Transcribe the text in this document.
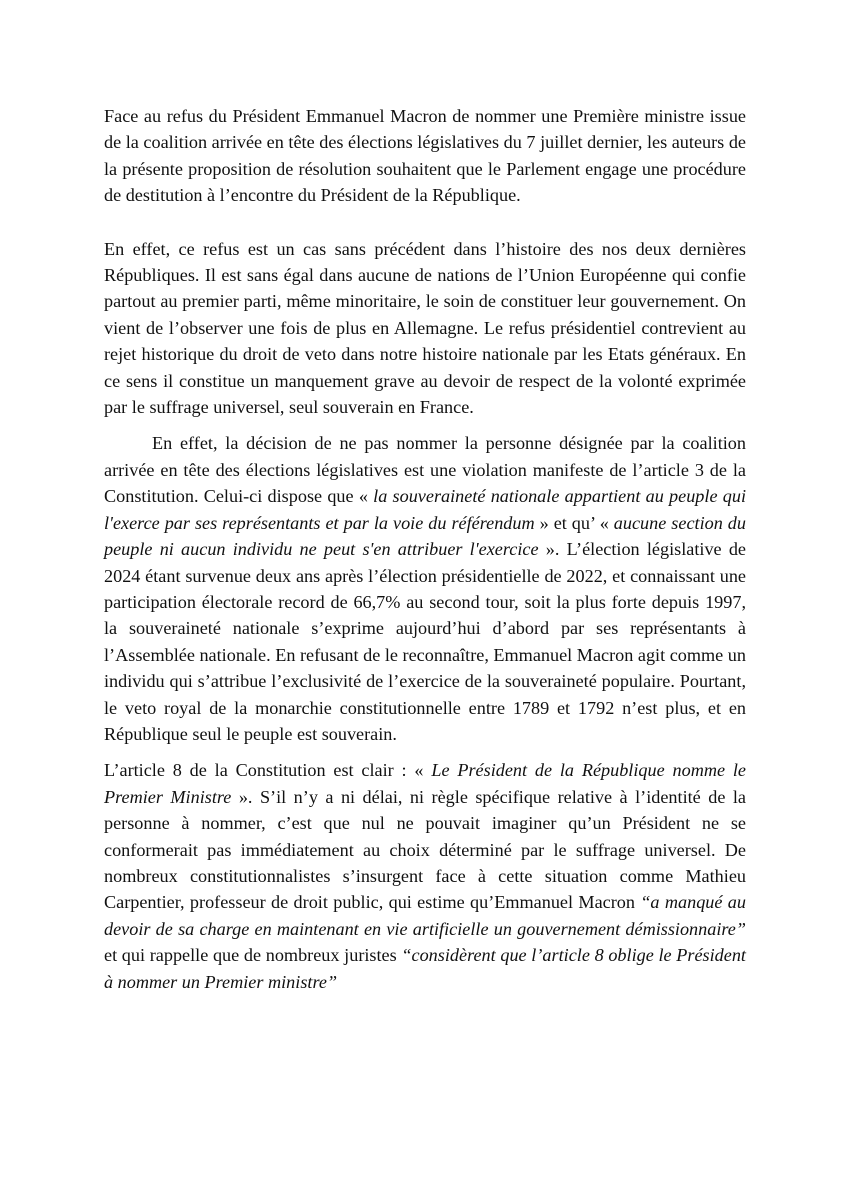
Face au refus du Président Emmanuel Macron de nommer une Première ministre issue de la coalition arrivée en tête des élections législatives du 7 juillet dernier, les auteurs de la présente proposition de résolution souhaitent que le Parlement engage une procédure de destitution à l’encontre du Président de la République.

En effet, ce refus est un cas sans précédent dans l’histoire des nos deux dernières Républiques. Il est sans égal dans aucune de nations de l’Union Européenne qui confie partout au premier parti, même minoritaire, le soin de constituer leur gouvernement. On vient de l’observer une fois de plus en Allemagne. Le refus présidentiel contrevient au rejet historique du droit de veto dans notre histoire nationale par les Etats généraux. En ce sens il constitue un manquement grave au devoir de respect de la volonté exprimée par le suffrage universel, seul souverain en France.

En effet, la décision de ne pas nommer la personne désignée par la coalition arrivée en tête des élections législatives est une violation manifeste de l’article 3 de la Constitution. Celui-ci dispose que « la souveraineté nationale appartient au peuple qui l'exerce par ses représentants et par la voie du référendum » et qu’ « aucune section du peuple ni aucun individu ne peut s'en attribuer l'exercice ». L’élection législative de 2024 étant survenue deux ans après l’élection présidentielle de 2022, et connaissant une participation électorale record de 66,7% au second tour, soit la plus forte depuis 1997, la souveraineté nationale s’exprime aujourd’hui d’abord par ses représentants à l’Assemblée nationale. En refusant de le reconnaître, Emmanuel Macron agit comme un individu qui s’attribue l’exclusivité de l’exercice de la souveraineté populaire. Pourtant, le veto royal de la monarchie constitutionnelle entre 1789 et 1792 n’est plus, et en République seul le peuple est souverain.

L’article 8 de la Constitution est clair : « Le Président de la République nomme le Premier Ministre ». S’il n’y a ni délai, ni règle spécifique relative à l’identité de la personne à nommer, c’est que nul ne pouvait imaginer qu’un Président ne se conformerait pas immédiatement au choix déterminé par le suffrage universel. De nombreux constitutionnalistes s’insurgent face à cette situation comme Mathieu Carpentier, professeur de droit public, qui estime qu’Emmanuel Macron “a manqué au devoir de sa charge en maintenant en vie artificielle un gouvernement démissionnaire” et qui rappelle que de nombreux juristes “considèrent que l’article 8 oblige le Président à nommer un Premier ministre”
